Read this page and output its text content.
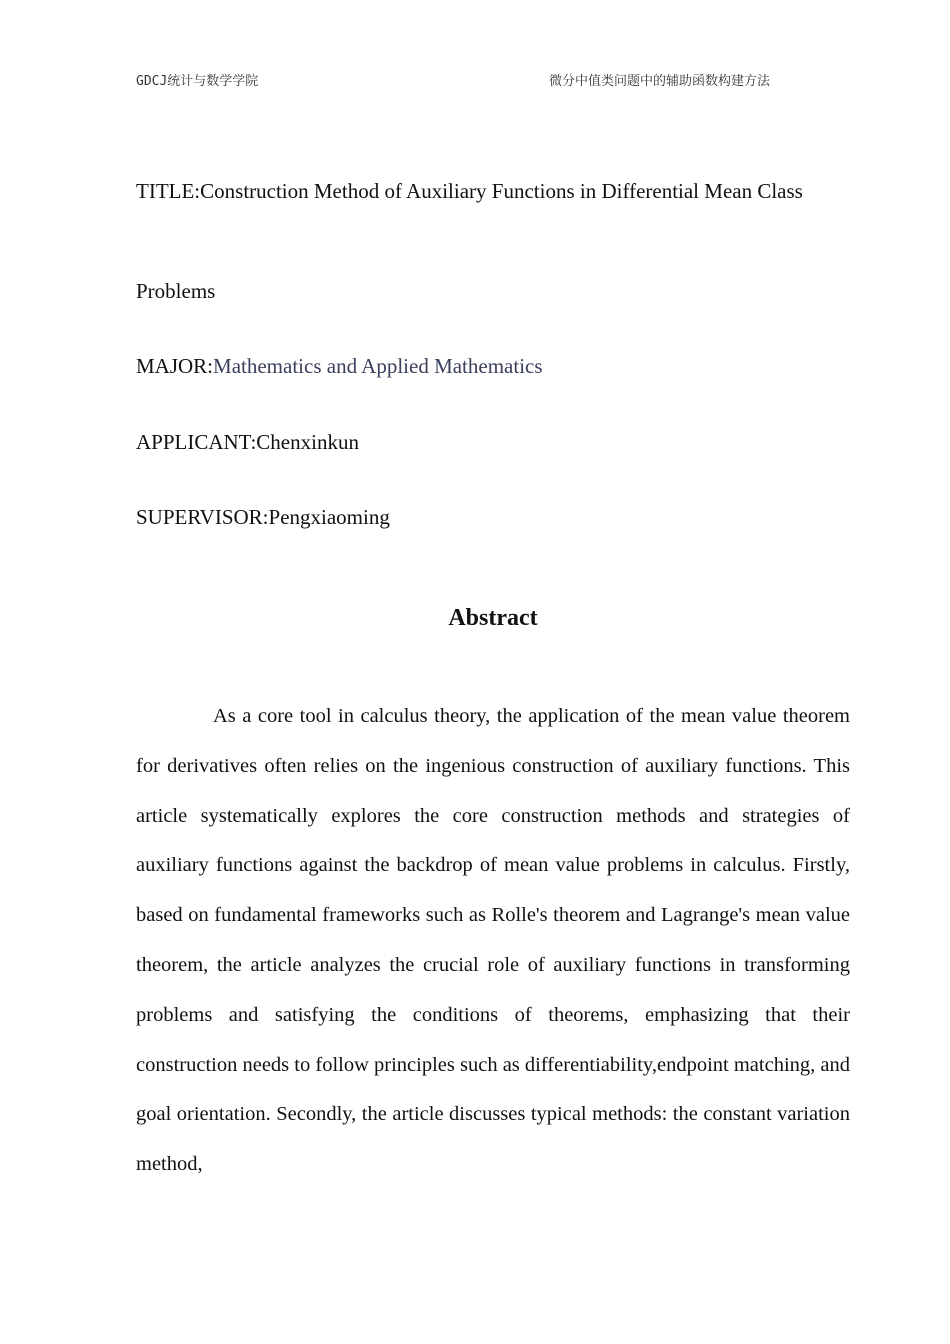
GDCJ统计与数学学院	微分中值类问题中的辅助函数构建方法
TITLE:Construction Method of Auxiliary Functions in Differential Mean Class
Problems
MAJOR:Mathematics and Applied Mathematics
APPLICANT:Chenxinkun
SUPERVISOR:Pengxiaoming
Abstract

As a core tool in calculus theory, the application of the mean value theorem for derivatives often relies on the ingenious construction of auxiliary functions. This article systematically explores the core construction methods and strategies of auxiliary functions against the backdrop of mean value problems in calculus. Firstly, based on fundamental frameworks such as Rolle's theorem and Lagrange's mean value theorem, the article analyzes the crucial role of auxiliary functions in transforming problems and satisfying the conditions of theorems, emphasizing that their construction needs to follow principles such as differentiability,endpoint matching, and goal orientation. Secondly, the article discusses typical methods: the constant variation method,
